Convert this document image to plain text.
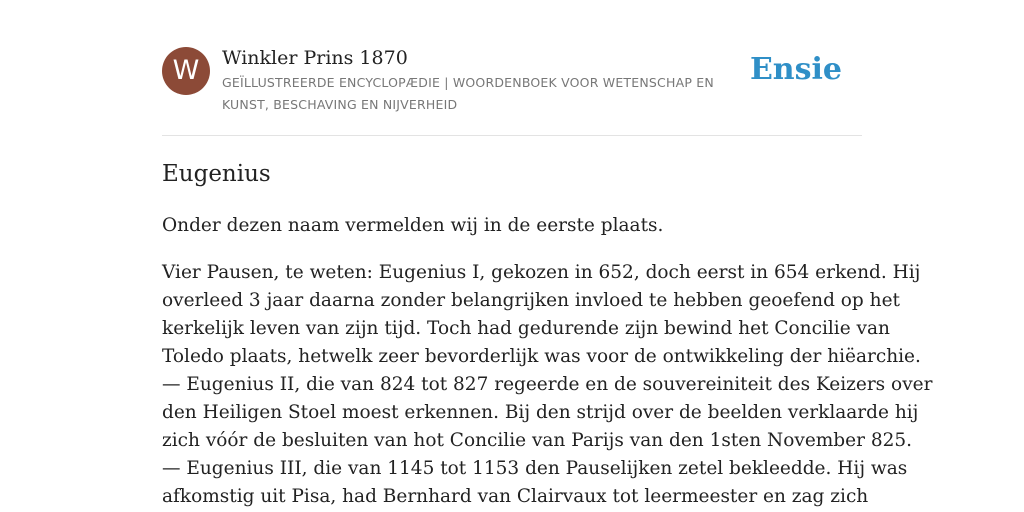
W	Winkler Prins 1870
GEÏLLUSTREERDE ENCYCLOPÆDIE | WOORDENBOEK VOOR WETENSCHAP EN KUNST, BESCHAVING EN NIJVERHEID
Ensie
Eugenius

Onder dezen naam vermelden wij in de eerste plaats.

Vier Pausen, te weten: Eugenius I, gekozen in 652, doch eerst in 654 erkend. Hij
overleed 3 jaar daarna zonder belangrijken invloed te hebben geoefend op het
kerkelijk leven van zijn tijd. Toch had gedurende zijn bewind het Concilie van
Toledo plaats, hetwelk zeer bevorderlijk was voor de ontwikkeling der hiëarchie.
— Eugenius II, die van 824 tot 827 regeerde en de souvereiniteit des Keizers over
den Heiligen Stoel moest erkennen. Bij den strijd over de beelden verklaarde hij
zich vóór de besluiten van hot Concilie van Parijs van den 1sten November 825.
— Eugenius III, die van 1145 tot 1153 den Pauselijken zetel bekleedde. Hij was
afkomstig uit Pisa, had Bernhard van Clairvaux tot leermeester en zag zich
